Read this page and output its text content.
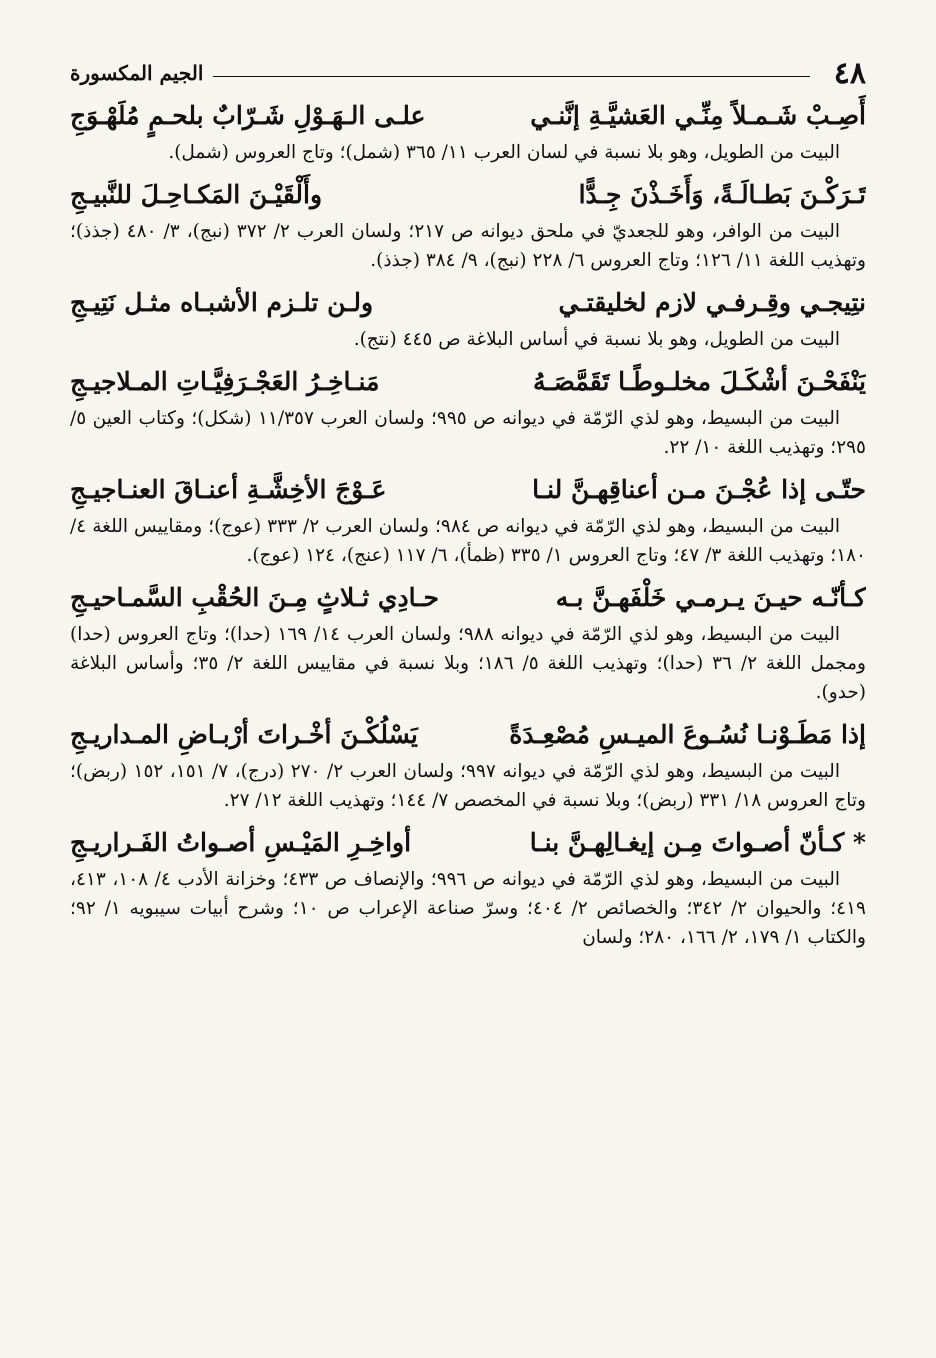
٤٨
الجيم المكسورة
أَصِـبْ شَـمـلاً مِنِّـي العَشيَّـةِ إنَّنـي
علـى الـهَـوْلِ شَـرّابٌ بلحـمٍ مُلَهْـوَجِ

البيت من الطويل، وهو بلا نسبة في لسان العرب ١١/ ٣٦٥ (شمل)؛ وتاج العروس (شمل).

تَـرَكْـنَ بَطـالَـةً، وَأَخَـذْنَ جِـدًّا
وأَلْقَيْـنَ المَكـاحِـلَ للنَّبيـجِ

البيت من الوافر، وهو للجعديّ في ملحق ديوانه ص ٢١٧؛ ولسان العرب ٢/ ٣٧٢ (نبج)، ٣/ ٤٨٠ (جذذ)؛ وتهذيب اللغة ١١/ ١٢٦؛ وتاج العروس ٦/ ٢٢٨ (نبج)، ٩/ ٣٨٤ (جذذ).

نتِيجـي وقِـرفـي لازم لخليقتـي
ولـن تلـزم الأشبـاه مثـل نَتِيـجِ

البيت من الطويل، وهو بلا نسبة في أساس البلاغة ص ٤٤٥ (نتج).

يَنْفَحْـنَ أشْكَـلَ مخلـوطًـا تَقَمَّصَـهُ
مَنـاخِـرُ العَجْـرَفِيَّـاتِ المـلاجيـجِ

البيت من البسيط، وهو لذي الرّمّة في ديوانه ص ٩٩٥؛ ولسان العرب ١١/٣٥٧ (شكل)؛ وكتاب العين ٥/ ٢٩٥؛ وتهذيب اللغة ١٠/ ٢٢.

حتّـى إذا عُجْـنَ مـن أعناقِهـنَّ لنـا
عَـوْجَ الأخِشَّـةِ أعنـاقَ العنـاجيـجِ

البيت من البسيط، وهو لذي الرّمّة في ديوانه ص ٩٨٤؛ ولسان العرب ٢/ ٣٣٣ (عوج)؛ ومقاييس اللغة ٤/ ١٨٠؛ وتهذيب اللغة ٣/ ٤٧؛ وتاج العروس ١/ ٣٣٥ (ظمأ)، ٦/ ١١٧ (عنج)، ١٢٤ (عوج).

كـأنّـه حيـنَ يـرمـي خَلْفَهـنَّ بـه
حـادِي ثـلاثٍ مِـنَ الحُقْبِ السَّمـاحيـجِ

البيت من البسيط، وهو لذي الرّمّة في ديوانه ٩٨٨؛ ولسان العرب ١٤/ ١٦٩ (حدا)؛ وتاج العروس (حدا) ومجمل اللغة ٢/ ٣٦ (حدا)؛ وتهذيب اللغة ٥/ ١٨٦؛ وبلا نسبة في مقاييس اللغة ٢/ ٣٥؛ وأساس البلاغة (حدو).

إذا مَطَـوْنـا نُسُـوعَ الميـسِ مُصْعِـدَةً
يَسْلُكْـنَ أخْـراتَ أرْبـاضِ المـداريـجِ

البيت من البسيط، وهو لذي الرّمّة في ديوانه ٩٩٧؛ ولسان العرب ٢/ ٢٧٠ (درج)، ٧/ ١٥١، ١٥٢ (ربض)؛ وتاج العروس ١٨/ ٣٣١ (ربض)؛ وبلا نسبة في المخصص ٧/ ١٤٤؛ وتهذيب اللغة ١٢/ ٢٧.

* كـأنّ أصـواتَ مِـن إيغـالِهـنَّ بنـا
أواخِـرِ المَيْـسِ أصـواتُ الفَـراريـجِ

البيت من البسيط، وهو لذي الرّمّة في ديوانه ص ٩٩٦؛ والإنصاف ص ٤٣٣؛ وخزانة الأدب ٤/ ١٠٨، ٤١٣، ٤١٩؛ والحيوان ٢/ ٣٤٢؛ والخصائص ٢/ ٤٠٤؛ وسرّ صناعة الإعراب ص ١٠؛ وشرح أبيات سيبويه ١/ ٩٢؛ والكتاب ١/ ١٧٩، ٢/ ١٦٦، ٢٨٠؛ ولسان
